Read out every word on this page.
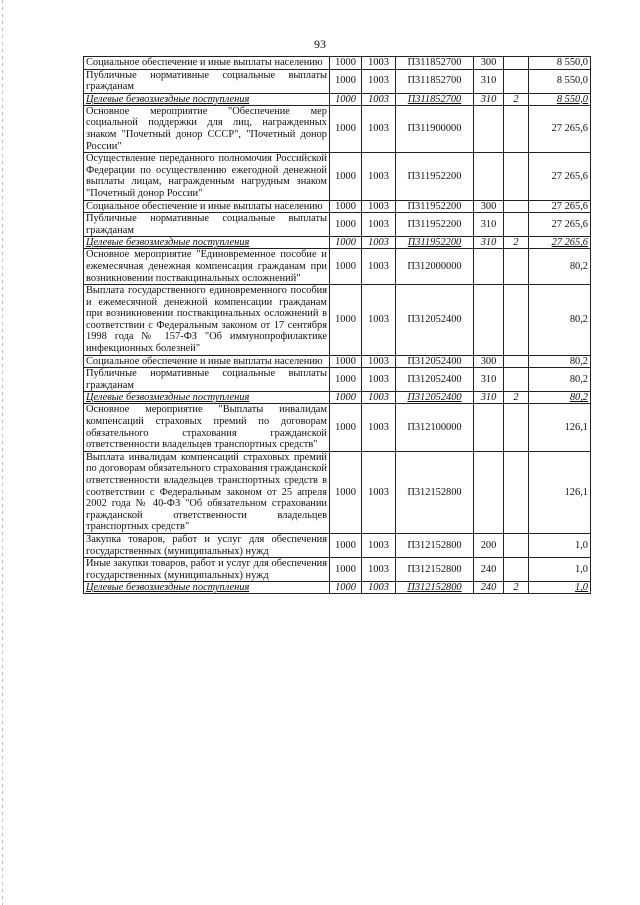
93
Социальное обеспечение и иные выплаты населению	1000	1003	П311852700	300		8 550,0
Публичные нормативные социальные выплаты гражданам	1000	1003	П311852700	310		8 550,0
Целевые безвозмездные поступления	1000	1003	П311852700	310	2	8 550,0
Основное мероприятие "Обеспечение мер социальной поддержки для лиц, награжденных знаком "Почетный донор СССР", "Почетный донор России"	1000	1003	П311900000			27 265,6
Осуществление переданного полномочия Российской Федерации по осуществлению ежегодной денежной выплаты лицам, награжденным нагрудным знаком "Почетный донор России"	1000	1003	П311952200			27 265,6
Социальное обеспечение и иные выплаты населению	1000	1003	П311952200	300		27 265,6
Публичные нормативные социальные выплаты гражданам	1000	1003	П311952200	310		27 265,6
Целевые безвозмездные поступления	1000	1003	П311952200	310	2	27 265,6
Основное мероприятие "Единовременное пособие и ежемесячная денежная компенсация гражданам при возникновении поствакцинальных осложнений"	1000	1003	П312000000			80,2
Выплата государственного единовременного пособия и ежемесячной денежной компенсации гражданам при возникновении поствакцинальных осложнений в соответствии с Федеральным законом от 17 сентября 1998 года № 157-ФЗ "Об иммунопрофилактике инфекционных болезней"	1000	1003	П312052400			80,2
Социальное обеспечение и иные выплаты населению	1000	1003	П312052400	300		80,2
Публичные нормативные социальные выплаты гражданам	1000	1003	П312052400	310		80,2
Целевые безвозмездные поступления	1000	1003	П312052400	310	2	80,2
Основное мероприятие "Выплаты инвалидам компенсаций страховых премий по договорам обязательного страхования гражданской ответственности владельцев транспортных средств"	1000	1003	П312100000			126,1
Выплата инвалидам компенсаций страховых премий по договорам обязательного страхования гражданской ответственности владельцев транспортных средств в соответствии с Федеральным законом от 25 апреля 2002 года № 40-ФЗ "Об обязательном страховании гражданской ответственности владельцев транспортных средств"	1000	1003	П312152800			126,1
Закупка товаров, работ и услуг для обеспечения государственных (муниципальных) нужд	1000	1003	П312152800	200		1,0
Иные закупки товаров, работ и услуг для обеспечения государственных (муниципальных) нужд	1000	1003	П312152800	240		1,0
Целевые безвозмездные поступления	1000	1003	П312152800	240	2	1,0
